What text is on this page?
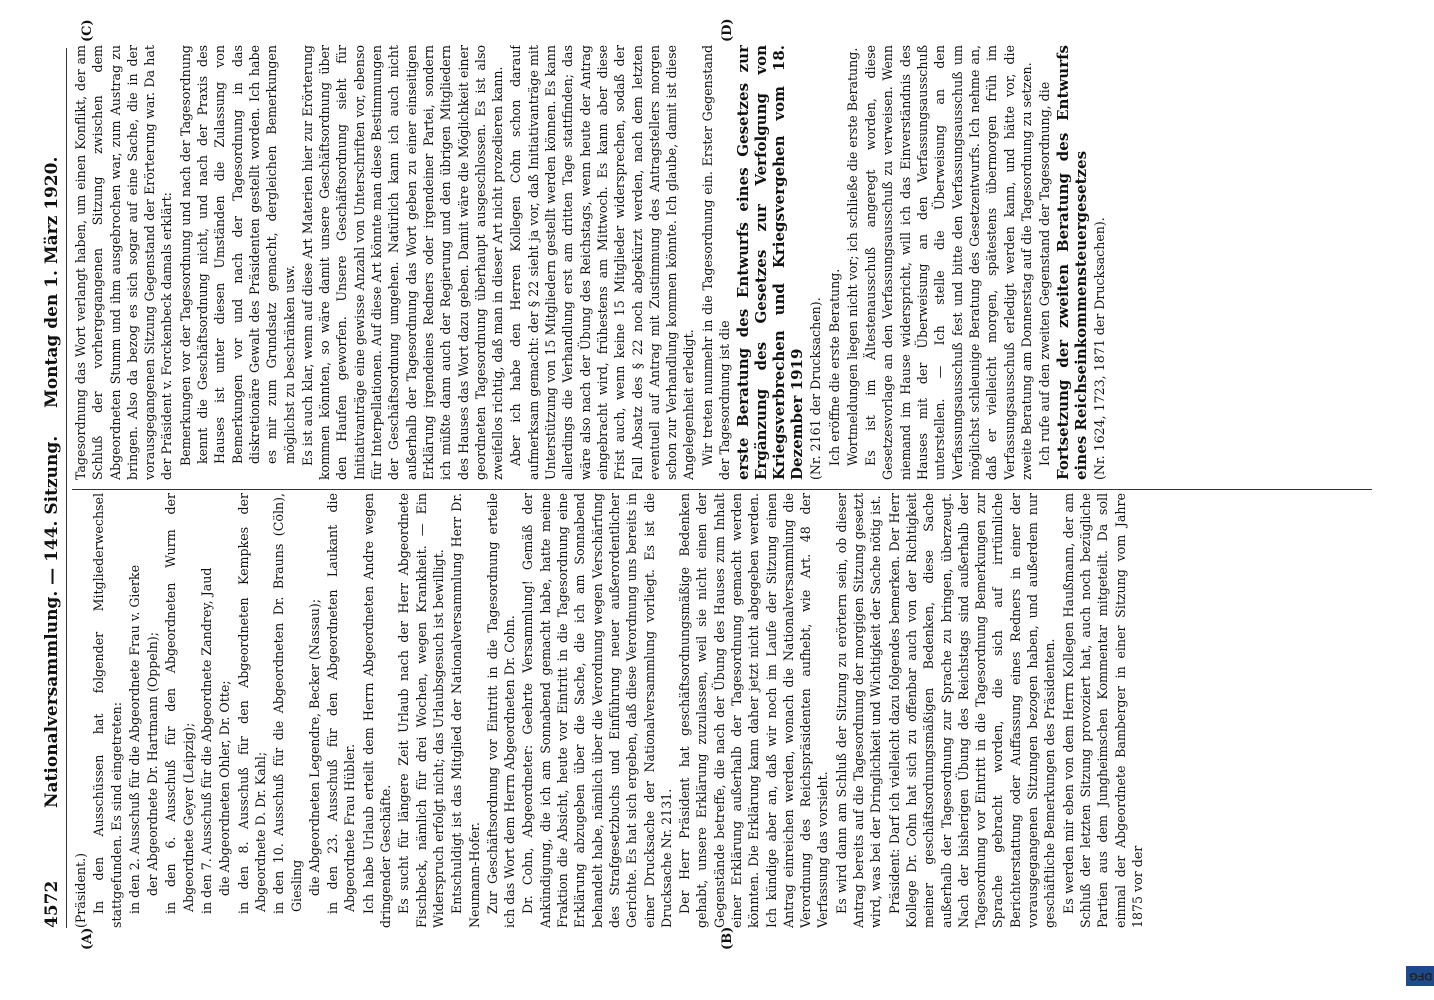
4572
Nationalversammlung. — 144. Sitzung.
Montag den 1. März 1920.
(A)	(B)
(C)	(D)

(Präsident.) In den Ausschüssen hat folgender Mitgliederwechsel stattgefunden. Es sind eingetreten: in den 2. Ausschuß für die Abgeordnete Frau v. Gierke der Abgeordnete Dr. Hartmann (Oppeln); in den 6. Ausschuß für den Abgeordneten Wurm der Abgeordnete Geyer (Leipzig); in den 7. Ausschuß für die Abgeordnete Zandrey, Jaud die Abgeordneten Ohler, Dr. Otte; in den 8. Ausschuß für den Abgeordneten Kempkes der Abgeordnete D. Dr. Kahl; in den 10. Ausschuß für die Abgeordneten Dr. Brauns (Cöln), Giesling die Abgeordneten Legendre, Becker (Nassau); in den 23. Ausschuß für den Abgeordneten Laukant die Abgeordnete Frau Hübler. Ich habe Urlaub erteilt dem Herrn Abgeordneten Andre wegen dringender Geschäfte. Es sucht für längere Zeit Urlaub nach der Herr Abgeordnete Fischbeck, nämlich für drei Wochen, wegen Krankheit. — Ein Widerspruch erfolgt nicht; das Urlaubsgesuch ist bewilligt. Entschuldigt ist das Mitglied der Nationalversammlung Herr Dr. Neumann-Hofer. Zur Geschäftsordnung vor Eintritt in die Tagesordnung erteile ich das Wort dem Herrn Abgeordneten Dr. Cohn. Dr. Cohn, Abgeordneter: Geehrte Versammlung! Gemäß der Ankündigung, die ich am Sonnabend gemacht habe, hatte meine Fraktion die Absicht, heute vor Eintritt in die Tagesordnung eine Erklärung abzugeben über die Sache, die ich am Sonnabend behandelt habe, nämlich über die Verordnung wegen Verschärfung des Strafgesetzbuchs und Einführung neuer außerordentlicher Gerichte. Es hat sich ergeben, daß diese Verordnung uns bereits in einer Drucksache der Nationalversammlung vorliegt. Es ist die Drucksache Nr. 2131. Der Herr Präsident hat geschäftsordnungsmäßige Bedenken gehabt, unsere Erklärung zuzulassen, weil sie nicht einen der Gegenstände betreffe, die nach der Übung des Hauses zum Inhalt einer Erklärung außerhalb der Tagesordnung gemacht werden könnten. Die Erklärung kann daher jetzt nicht abgegeben werden. Ich kündige aber an, daß wir noch im Laufe der Sitzung einen Antrag einreichen werden, wonach die Nationalversammlung die Verordnung des Reichspräsidenten aufhebt, wie Art. 48 der Verfassung das vorsieht. Es wird dann am Schluß der Sitzung zu erörtern sein, ob dieser Antrag bereits auf die Tagesordnung der morgigen Sitzung gesetzt wird, was bei der Dringlichkeit und Wichtigkeit der Sache nötig ist. Präsident: Darf ich vielleicht dazu folgendes bemerken. Der Herr Kollege Dr. Cohn hat sich zu offenbar auch von der Richtigkeit meiner geschäftsordnungsmäßigen Bedenken, diese Sache außerhalb der Tagesordnung zur Sprache zu bringen, überzeugt. Nach der bisherigen Übung des Reichstags sind außerhalb der Tagesordnung vor Eintritt in die Tagesordnung Bemerkungen zur Sprache gebracht worden, die sich auf irrtümliche Berichterstattung oder Auffassung eines Redners in einer der vorausgegangenen Sitzungen bezogen haben, und außerdem nur geschäftliche Bemerkungen des Präsidenten. Es werden mir eben von dem Herrn Kollegen Haußmann, der am Schluß der letzten Sitzung provoziert hat, auch noch bezügliche Partien aus dem Jungheimschen Kommentar mitgeteilt. Da soll einmal der Abgeordnete Bamberger in einer Sitzung vom Jahre 1875 vor der

Tagesordnung das Wort verlangt haben, um einen Konflikt, der am Schluß der vorhergegangenen Sitzung zwischen dem Abgeordneten Stumm und ihm ausgebrochen war, zum Austrag zu bringen. Also da bezog es sich sogar auf eine Sache, die in der vorausgegangenen Sitzung Gegenstand der Erörterung war. Da hat der Präsident v. Forckenbeck damals erklärt: Bemerkungen vor der Tagesordnung und nach der Tagesordnung kennt die Geschäftsordnung nicht, und nach der Praxis des Hauses ist unter diesen Umständen die Zulassung von Bemerkungen vor und nach der Tagesordnung in das diskretionäre Gewalt des Präsidenten gestellt worden. Ich habe es mir zum Grundsatz gemacht, dergleichen Bemerkungen möglichst zu beschränken usw. Es ist auch klar, wenn auf diese Art Materien hier zur Erörterung kommen könnten, so wäre damit unsere Geschäftsordnung über den Haufen geworfen. Unsere Geschäftsordnung sieht für Initiativanträge eine gewisse Anzahl von Unterschriften vor, ebenso für Interpellationen. Auf diese Art könnte man diese Bestimmungen der Geschäftsordnung umgehen. Natürlich kann ich auch nicht außerhalb der Tagesordnung das Wort geben zu einer einseitigen Erklärung irgendeines Redners oder irgendeiner Partei, sondern ich müßte dann auch der Regierung und den übrigen Mitgliedern des Hauses das Wort dazu geben. Damit wäre die Möglichkeit einer geordneten Tagesordnung überhaupt ausgeschlossen. Es ist also zweifellos richtig, daß man in dieser Art nicht prozedieren kann. Aber ich habe den Herren Kollegen Cohn schon darauf aufmerksam gemacht: der § 22 sieht ja vor, daß Initiativanträge mit Unterstützung von 15 Mitgliedern gestellt werden können. Es kann allerdings die Verhandlung erst am dritten Tage stattfinden; das wäre also nach der Übung des Reichstags, wenn heute der Antrag eingebracht wird, frühestens am Mittwoch. Es kann aber diese Frist auch, wenn keine 15 Mitglieder widersprechen, sodaß der Fall Absatz des § 22 noch abgekürzt werden, nach dem letzten eventuell auf Antrag mit Zustimmung des Antragstellers morgen schon zur Verhandlung kommen könnte. Ich glaube, damit ist diese Angelegenheit erledigt. Wir treten nunmehr in die Tagesordnung ein. Erster Gegenstand der Tagesordnung ist die erste Beratung des Entwurfs eines Gesetzes zur Ergänzung des Gesetzes zur Verfolgung von Kriegsverbrechen und Kriegsvergehen vom 18. Dezember 1919 (Nr. 2161 der Drucksachen). Ich eröffne die erste Beratung. Wortmeldungen liegen nicht vor; ich schließe die erste Beratung. Es ist im Ältestenausschuß angeregt worden, diese Gesetzesvorlage an den Verfassungsausschuß zu verweisen. Wenn niemand im Hause widerspricht, will ich das Einverständnis des Hauses mit der Überweisung an den Verfassungsausschuß unterstellen. — Ich stelle die Überweisung an den Verfassungsausschuß fest und bitte den Verfassungsausschuß um möglichst schleunige Beratung des Gesetzentwurfs. Ich nehme an, daß er vielleicht morgen, spätestens übermorgen früh im Verfassungsausschuß erledigt werden kann, und hätte vor, die zweite Beratung am Donnerstag auf die Tagesordnung zu setzen. Ich rufe auf den zweiten Gegenstand der Tagesordnung, die Fortsetzung der zweiten Beratung des Entwurfs eines Reichseinkommensteuergesetzes (Nr. 1624, 1723, 1871 der Drucksachen).

DFG
